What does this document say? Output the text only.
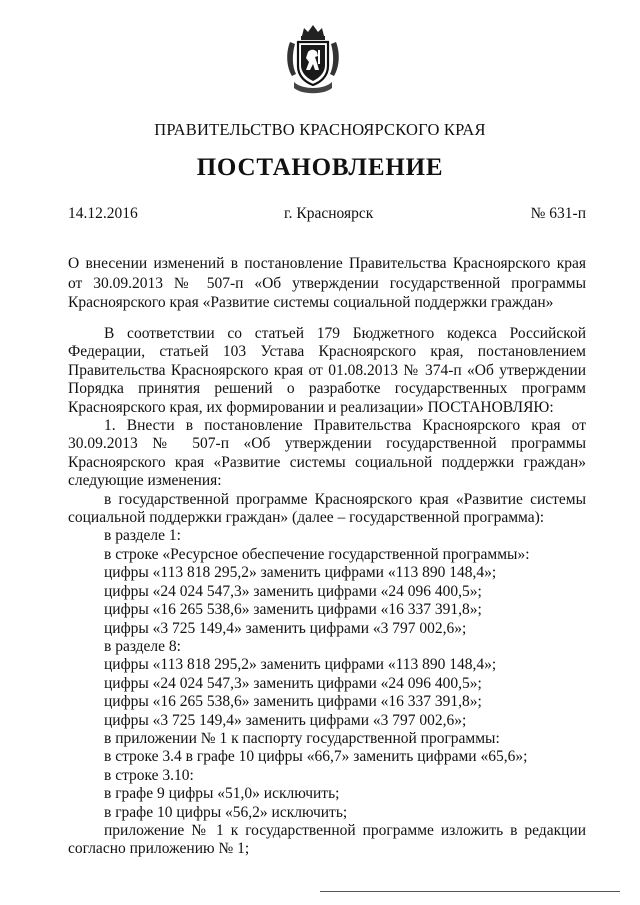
ПРАВИТЕЛЬСТВО КРАСНОЯРСКОГО КРАЯ
ПОСТАНОВЛЕНИЕ
14.12.2016	г. Красноярск	№ 631-п
О внесении изменений в постановление Правительства Красноярского края от 30.09.2013 № 507-п «Об утверждении государственной программы Красноярского края «Развитие системы социальной поддержки граждан»

В соответствии со статьей 179 Бюджетного кодекса Российской Федерации, статьей 103 Устава Красноярского края, постановлением Правительства Красноярского края от 01.08.2013 № 374-п «Об утверждении Порядка принятия решений о разработке государственных программ Красноярского края, их формировании и реализации» ПОСТАНОВЛЯЮ:

1. Внести в постановление Правительства Красноярского края от 30.09.2013 № 507-п «Об утверждении государственной программы Красноярского края «Развитие системы социальной поддержки граждан» следующие изменения:

в государственной программе Красноярского края «Развитие системы социальной поддержки граждан» (далее – государственной программа):

в разделе 1:

в строке «Ресурсное обеспечение государственной программы»:

цифры «113 818 295,2» заменить цифрами «113 890 148,4»;

цифры «24 024 547,3» заменить цифрами «24 096 400,5»;

цифры «16 265 538,6» заменить цифрами «16 337 391,8»;

цифры «3 725 149,4» заменить цифрами «3 797 002,6»;

в разделе 8:

цифры «113 818 295,2» заменить цифрами «113 890 148,4»;

цифры «24 024 547,3» заменить цифрами «24 096 400,5»;

цифры «16 265 538,6» заменить цифрами «16 337 391,8»;

цифры «3 725 149,4» заменить цифрами «3 797 002,6»;

в приложении № 1 к паспорту государственной программы:

в строке 3.4 в графе 10 цифры «66,7» заменить цифрами «65,6»;

в строке 3.10:

в графе 9 цифры «51,0» исключить;

в графе 10 цифры «56,2» исключить;

приложение № 1 к государственной программе изложить в редакции согласно приложению № 1;
